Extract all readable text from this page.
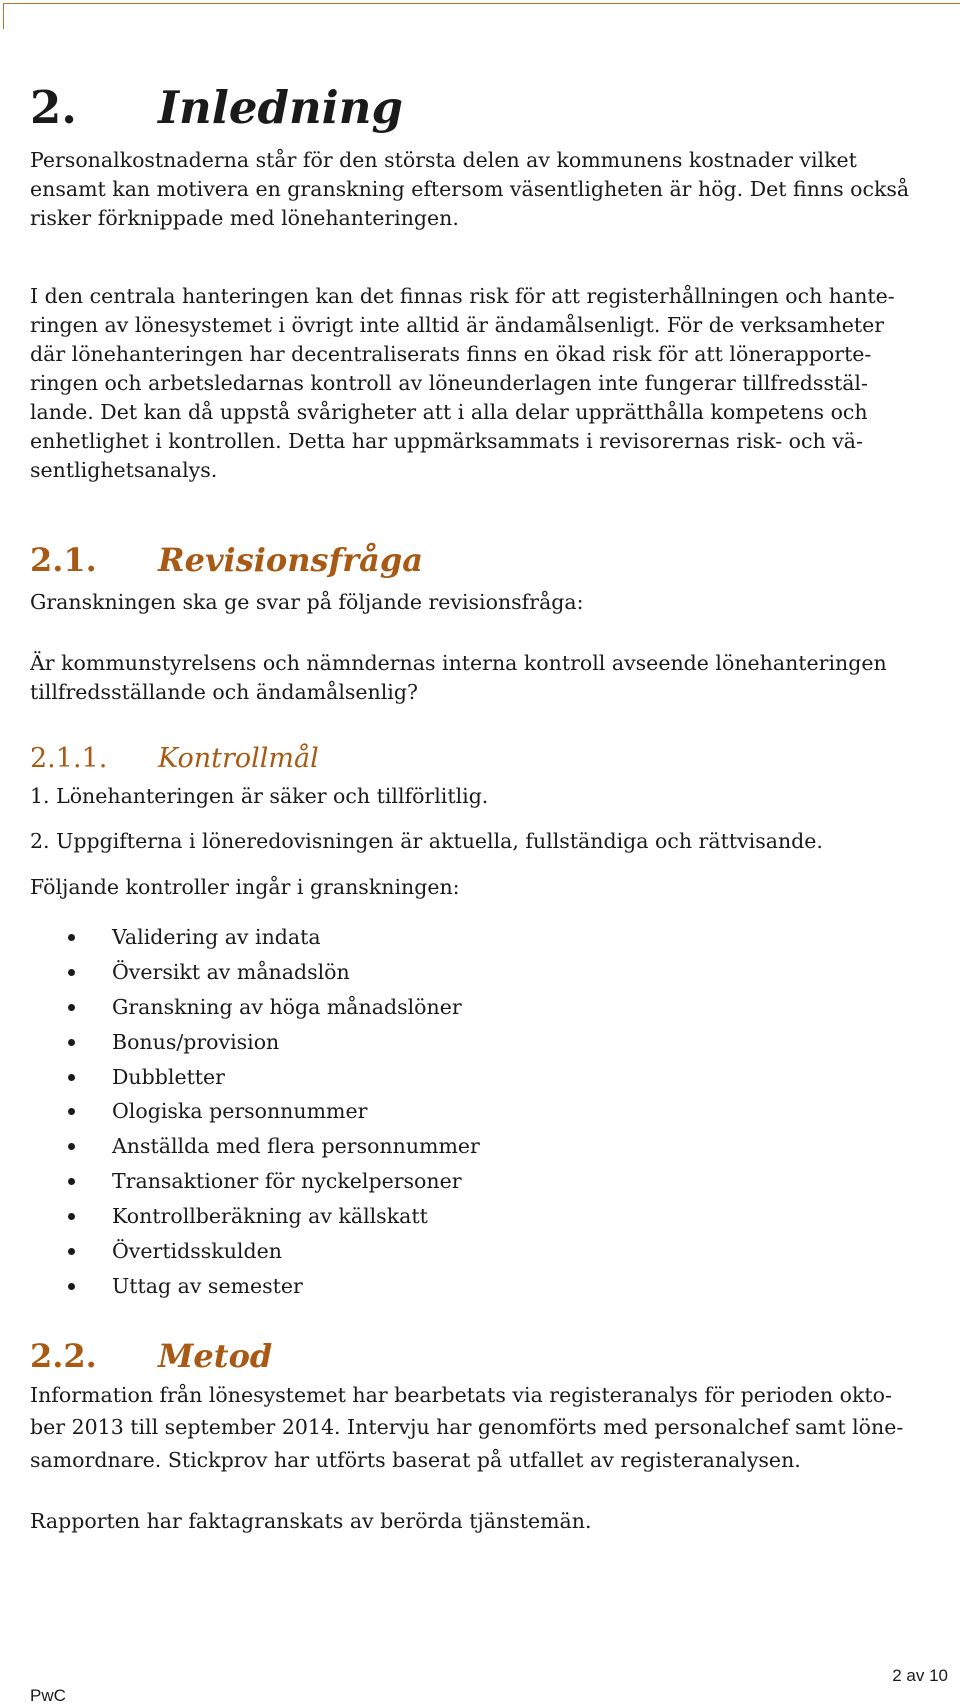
2. Inledning
Personalkostnaderna står för den största delen av kommunens kostnader vilket
ensamt kan motivera en granskning eftersom väsentligheten är hög. Det finns också
risker förknippade med lönehanteringen.
I den centrala hanteringen kan det finnas risk för att registerhållningen och hante-
ringen av lönesystemet i övrigt inte alltid är ändamålsenligt. För de verksamheter
där lönehanteringen har decentraliserats finns en ökad risk för att lönerapporte-
ringen och arbetsledarnas kontroll av löneunderlagen inte fungerar tillfredsstäl-
lande. Det kan då uppstå svårigheter att i alla delar upprätthålla kompetens och
enhetlighet i kontrollen. Detta har uppmärksammats i revisorernas risk- och vä-
sentlighetsanalys.
2.1. Revisionsfråga
Granskningen ska ge svar på följande revisionsfråga:
Är kommunstyrelsens och nämndernas interna kontroll avseende lönehanteringen
tillfredsställande och ändamålsenlig?
2.1.1. Kontrollmål
1. Lönehanteringen är säker och tillförlitlig.
2. Uppgifterna i löneredovisningen är aktuella, fullständiga och rättvisande.
Följande kontroller ingår i granskningen:
Validering av indata
Översikt av månadslön
Granskning av höga månadslöner
Bonus/provision
Dubbletter
Ologiska personnummer
Anställda med flera personnummer
Transaktioner för nyckelpersoner
Kontrollberäkning av källskatt
Övertidsskulden
Uttag av semester
2.2. Metod
Information från lönesystemet har bearbetats via registeranalys för perioden okto-
ber 2013 till september 2014. Intervju har genomförts med personalchef samt löne-
samordnare. Stickprov har utförts baserat på utfallet av registeranalysen.
Rapporten har faktagranskats av berörda tjänstemän.
2 av 10
PwC
